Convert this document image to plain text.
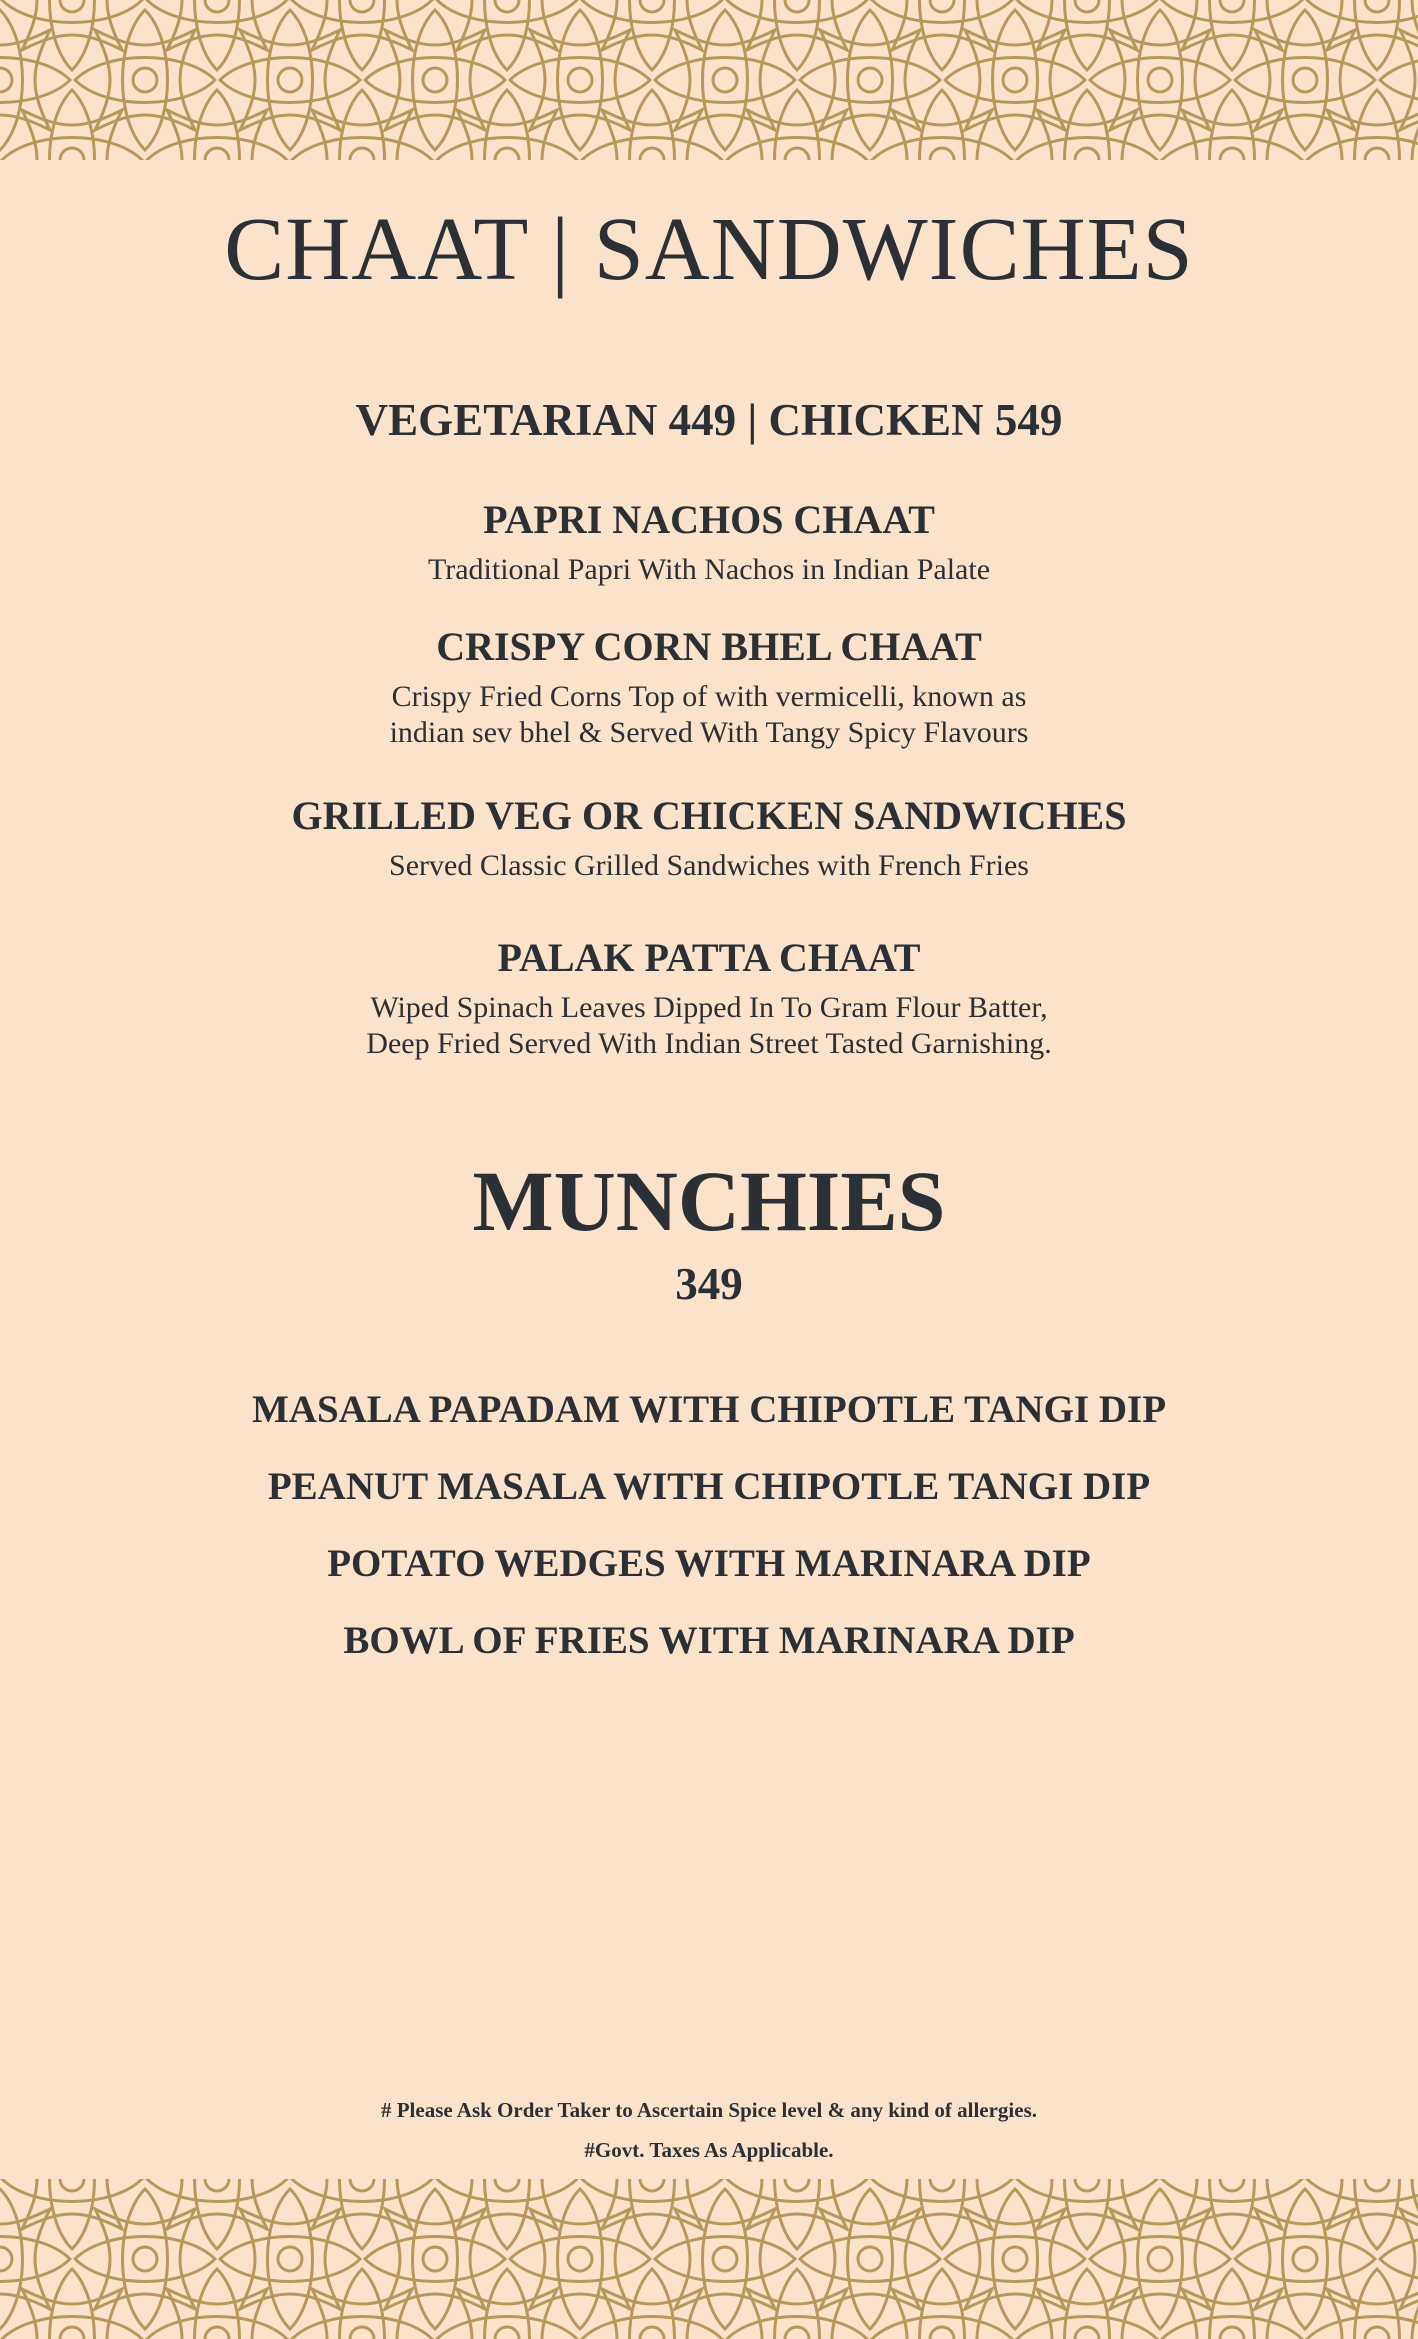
CHAAT | SANDWICHES

VEGETARIAN 449 | CHICKEN 549

PAPRI NACHOS CHAAT

Traditional Papri With Nachos in Indian Palate

CRISPY CORN BHEL CHAAT

Crispy Fried Corns Top of with vermicelli, known as
indian sev bhel & Served With Tangy Spicy Flavours

GRILLED VEG OR CHICKEN SANDWICHES

Served Classic Grilled Sandwiches with French Fries

PALAK PATTA CHAAT

Wiped Spinach Leaves Dipped In To Gram Flour Batter,
Deep Fried Served With Indian Street Tasted Garnishing.

MUNCHIES

349

MASALA PAPADAM WITH CHIPOTLE TANGI DIP
PEANUT MASALA WITH CHIPOTLE TANGI DIP
POTATO WEDGES WITH MARINARA DIP
BOWL OF FRIES WITH MARINARA DIP

# Please Ask Order Taker to Ascertain Spice level & any kind of allergies.
#Govt. Taxes As Applicable.
